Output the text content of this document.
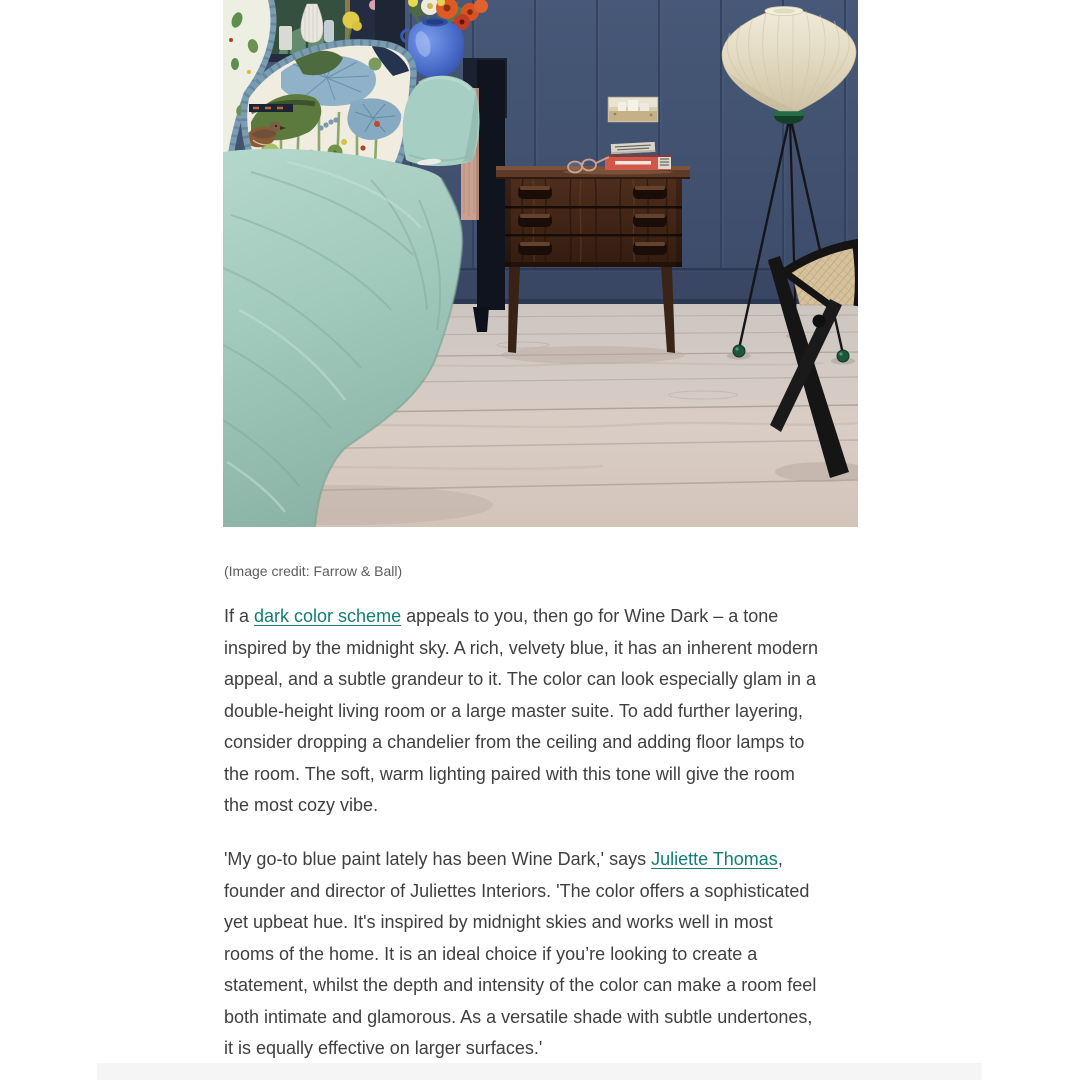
(Image credit: Farrow & Ball)

If a dark color scheme appeals to you, then go for Wine Dark – a tone
inspired by the midnight sky. A rich, velvety blue, it has an inherent modern
appeal, and a subtle grandeur to it. The color can look especially glam in a
double-height living room or a large master suite. To add further layering,
consider dropping a chandelier from the ceiling and adding floor lamps to
the room. The soft, warm lighting paired with this tone will give the room
the most cozy vibe.

'My go-to blue paint lately has been Wine Dark,' says Juliette Thomas,
founder and director of Juliettes Interiors. 'The color offers a sophisticated
yet upbeat hue. It's inspired by midnight skies and works well in most
rooms of the home. It is an ideal choice if you’re looking to create a
statement, whilst the depth and intensity of the color can make a room feel
both intimate and glamorous. As a versatile shade with subtle undertones,
it is equally effective on larger surfaces.'
